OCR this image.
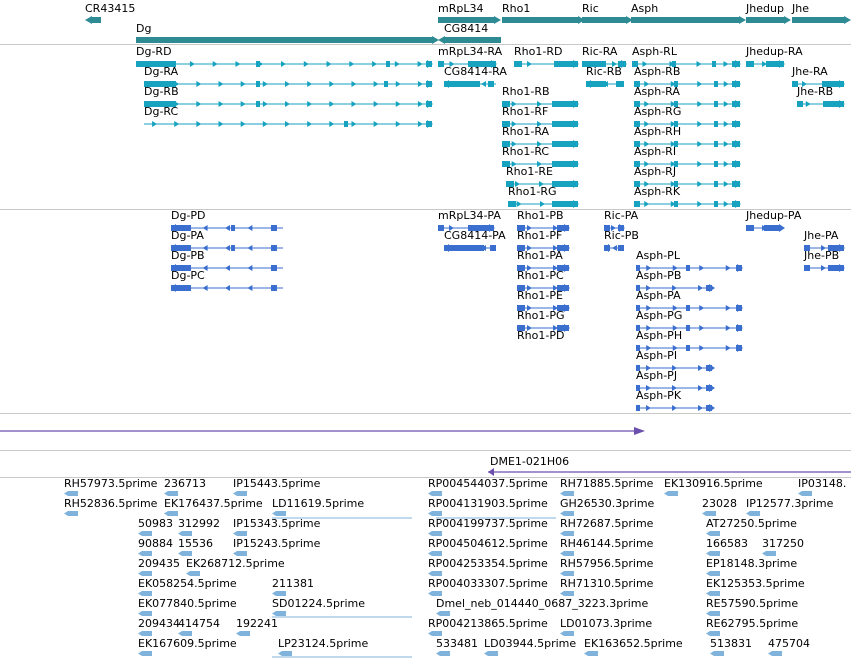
CR43415
Dg
mRpL34
CG8414
Rho1	Ric	Asph	Jhedup Jhe
Dg-RD
Dg-RA
Dg-RB
Dg-RC
mRpL34-RA
CG8414-RA
Rho1-RD
Rho1-RB
Rho1-RF
Rho1-RA
Rho1-RC
Rho1-RE
Rho1-RG
Ric-RA
Ric-RB
Asph-RL
Asph-RB
Asph-RA
Asph-RG
Asph-RH
Asph-RI
Asph-RJ
Asph-RK
Jhedup-RA
Jhe-RA
Jhe-RB
Dg-PD
Dg-PA
Dg-PB
Dg-PC
mRpL34-PA
CG8414-PA
Rho1-PB
Rho1-PF
Rho1-PA
Rho1-PC
Rho1-PE
Rho1-PG
Rho1-PD
Ric-PA
Ric-PB
Asph-PL
Asph-PB
Asph-PA
Asph-PG
Asph-PH
Asph-PI
Asph-PJ
Asph-PK
Jhedup-PA
Jhe-PA
Jhe-PB
DME1-021H06
RH57973.5prime 236713 IP15443.5prime	RP004544037.5prime RH71885.5prime EK130916.5prime	IP03148.
RH52836.5prime EK176437.5prime LD11619.5prime	RP004131903.5prime GH26530.3prime	23028 IP12577.3prime
50983 312992 IP15343.5prime	RP004199737.5prime RH72687.5prime	AT27250.5prime
90884 15536 IP15243.5prime	RP004504612.5prime RH46144.5prime	166583 317250
209435 EK268712.5prime	RP004253354.5prime RH57956.5prime	EP18148.3prime
EK058254.5prime	211381	RP004033307.5prime RH71310.5prime	EK125353.5prime
EK077840.5prime	SD01224.5prime	Dmel_neb_014440_0687_3223.3prime	RE57590.5prime
209434
414754 192241	RP004213865.5prime LD01073.3prime	RE62795.5prime
EK167609.5prime	LP23124.5prime	533481 LD03944.5prime EK163652.5prime 513831 475704
